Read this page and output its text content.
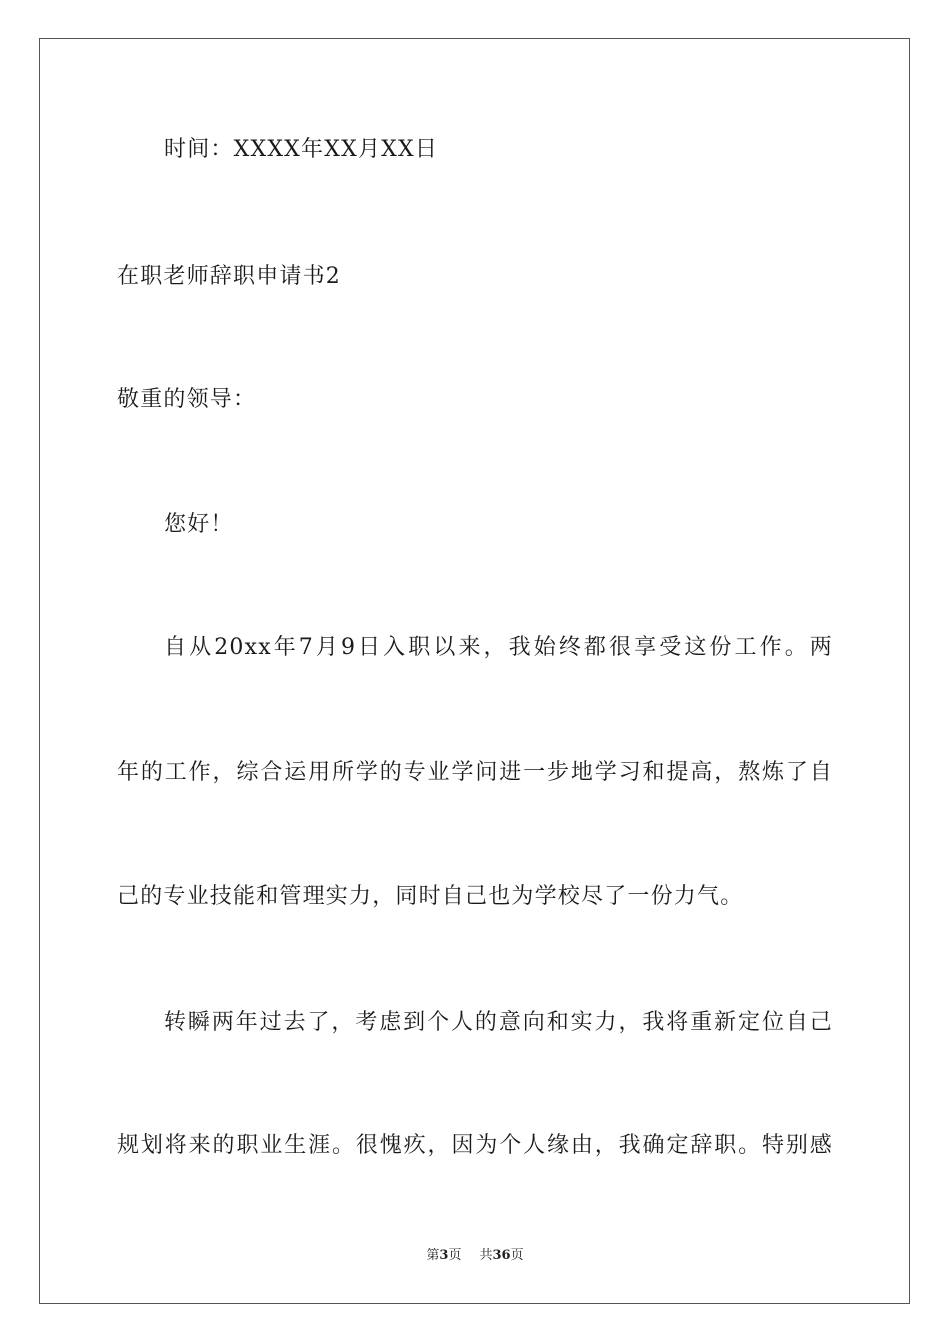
时间：XXXX年XX月XX日
在职老师辞职申请书2
敬重的领导：
您好！
自从20xx年7月9日入职以来，我始终都很享受这份工作。两
年的工作，综合运用所学的专业学问进一步地学习和提高，熬炼了自
己的专业技能和管理实力，同时自己也为学校尽了一份力气。
转瞬两年过去了，考虑到个人的意向和实力，我将重新定位自己
规划将来的职业生涯。很愧疚，因为个人缘由，我确定辞职。特别感
第3页 共36页
